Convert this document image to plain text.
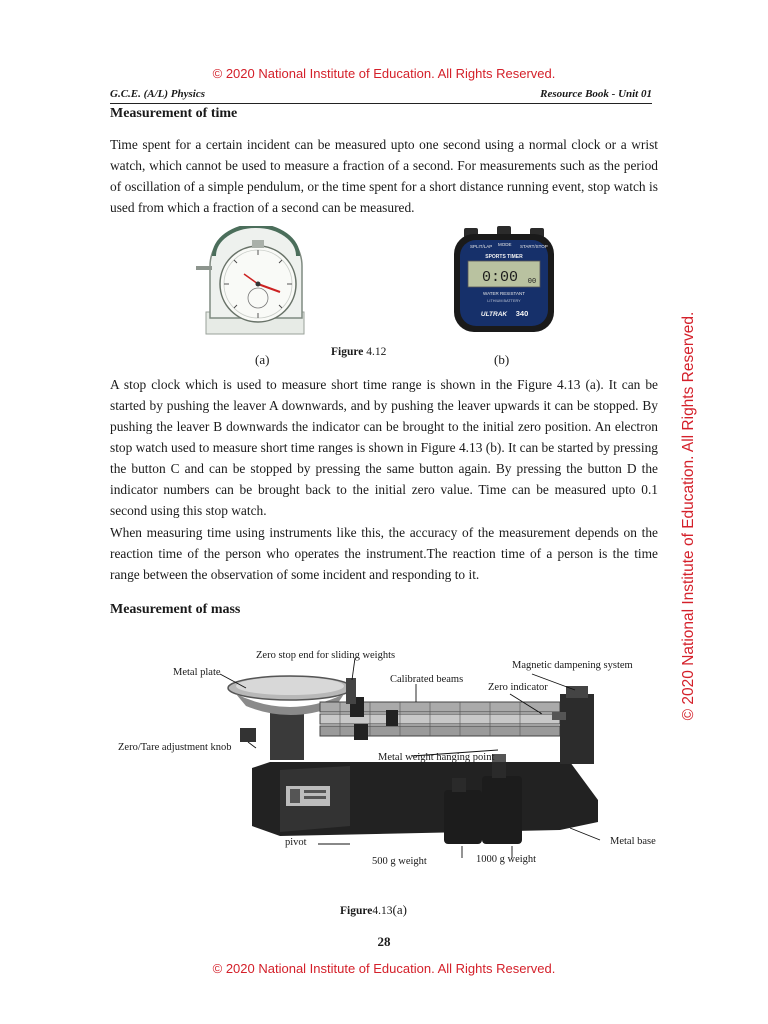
© 2020 National Institute of Education. All Rights Reserved.
© 2020 National Institute of Education. All Rights Reserved.
G.C.E. (A/L) Physics	Resource Book - Unit 01
Measurement of time

Time spent for a certain incident can be measured upto one second using a normal clock or a wrist watch, which cannot be used to measure a fraction of a second. For measurements such as the period of oscillation of a simple pendulum, or the time spent for a short distance running event, stop watch is used from which a fraction of a second can be measured.

SPLIT/LAP MODE START/STOP
SPORTS TIMER
0:00 00
WATER RESISTANT
LITHIUM BATTERY
ULTRAK 340
(a)	Figure 4.12	(b)

A stop clock which is used to measure short time range is shown in the Figure 4.13 (a). It can be started by pushing the leaver A downwards, and by pushing the leaver upwards it can be stopped. By pushing the leaver B downwards the indicator can be brought to the initial zero position. An electron stop watch used to measure short time ranges is shown in Figure 4.13 (b). It can be started by pressing the button C and can be stopped by pressing the same button again. By pressing the button D the indicator numbers can be brought back to the initial zero value. Time can be measured upto 0.1 second using this stop watch.

When measuring time using instruments like this, the accuracy of the measurement depends on the reaction time of the person who operates the instrument.The reaction time of a person is the time range between the observation of some incident and responding to it.

Measurement of mass
Zero stop end for sliding weights
Metal plate
Calibrated beams
Magnetic dampening system
Zero indicator
Zero/Tare adjustment knob
Metal weight hanging point
pivot	Metal base
500 g weight	1000 g weight
Figure4.13(a)
28
© 2020 National Institute of Education. All Rights Reserved.
